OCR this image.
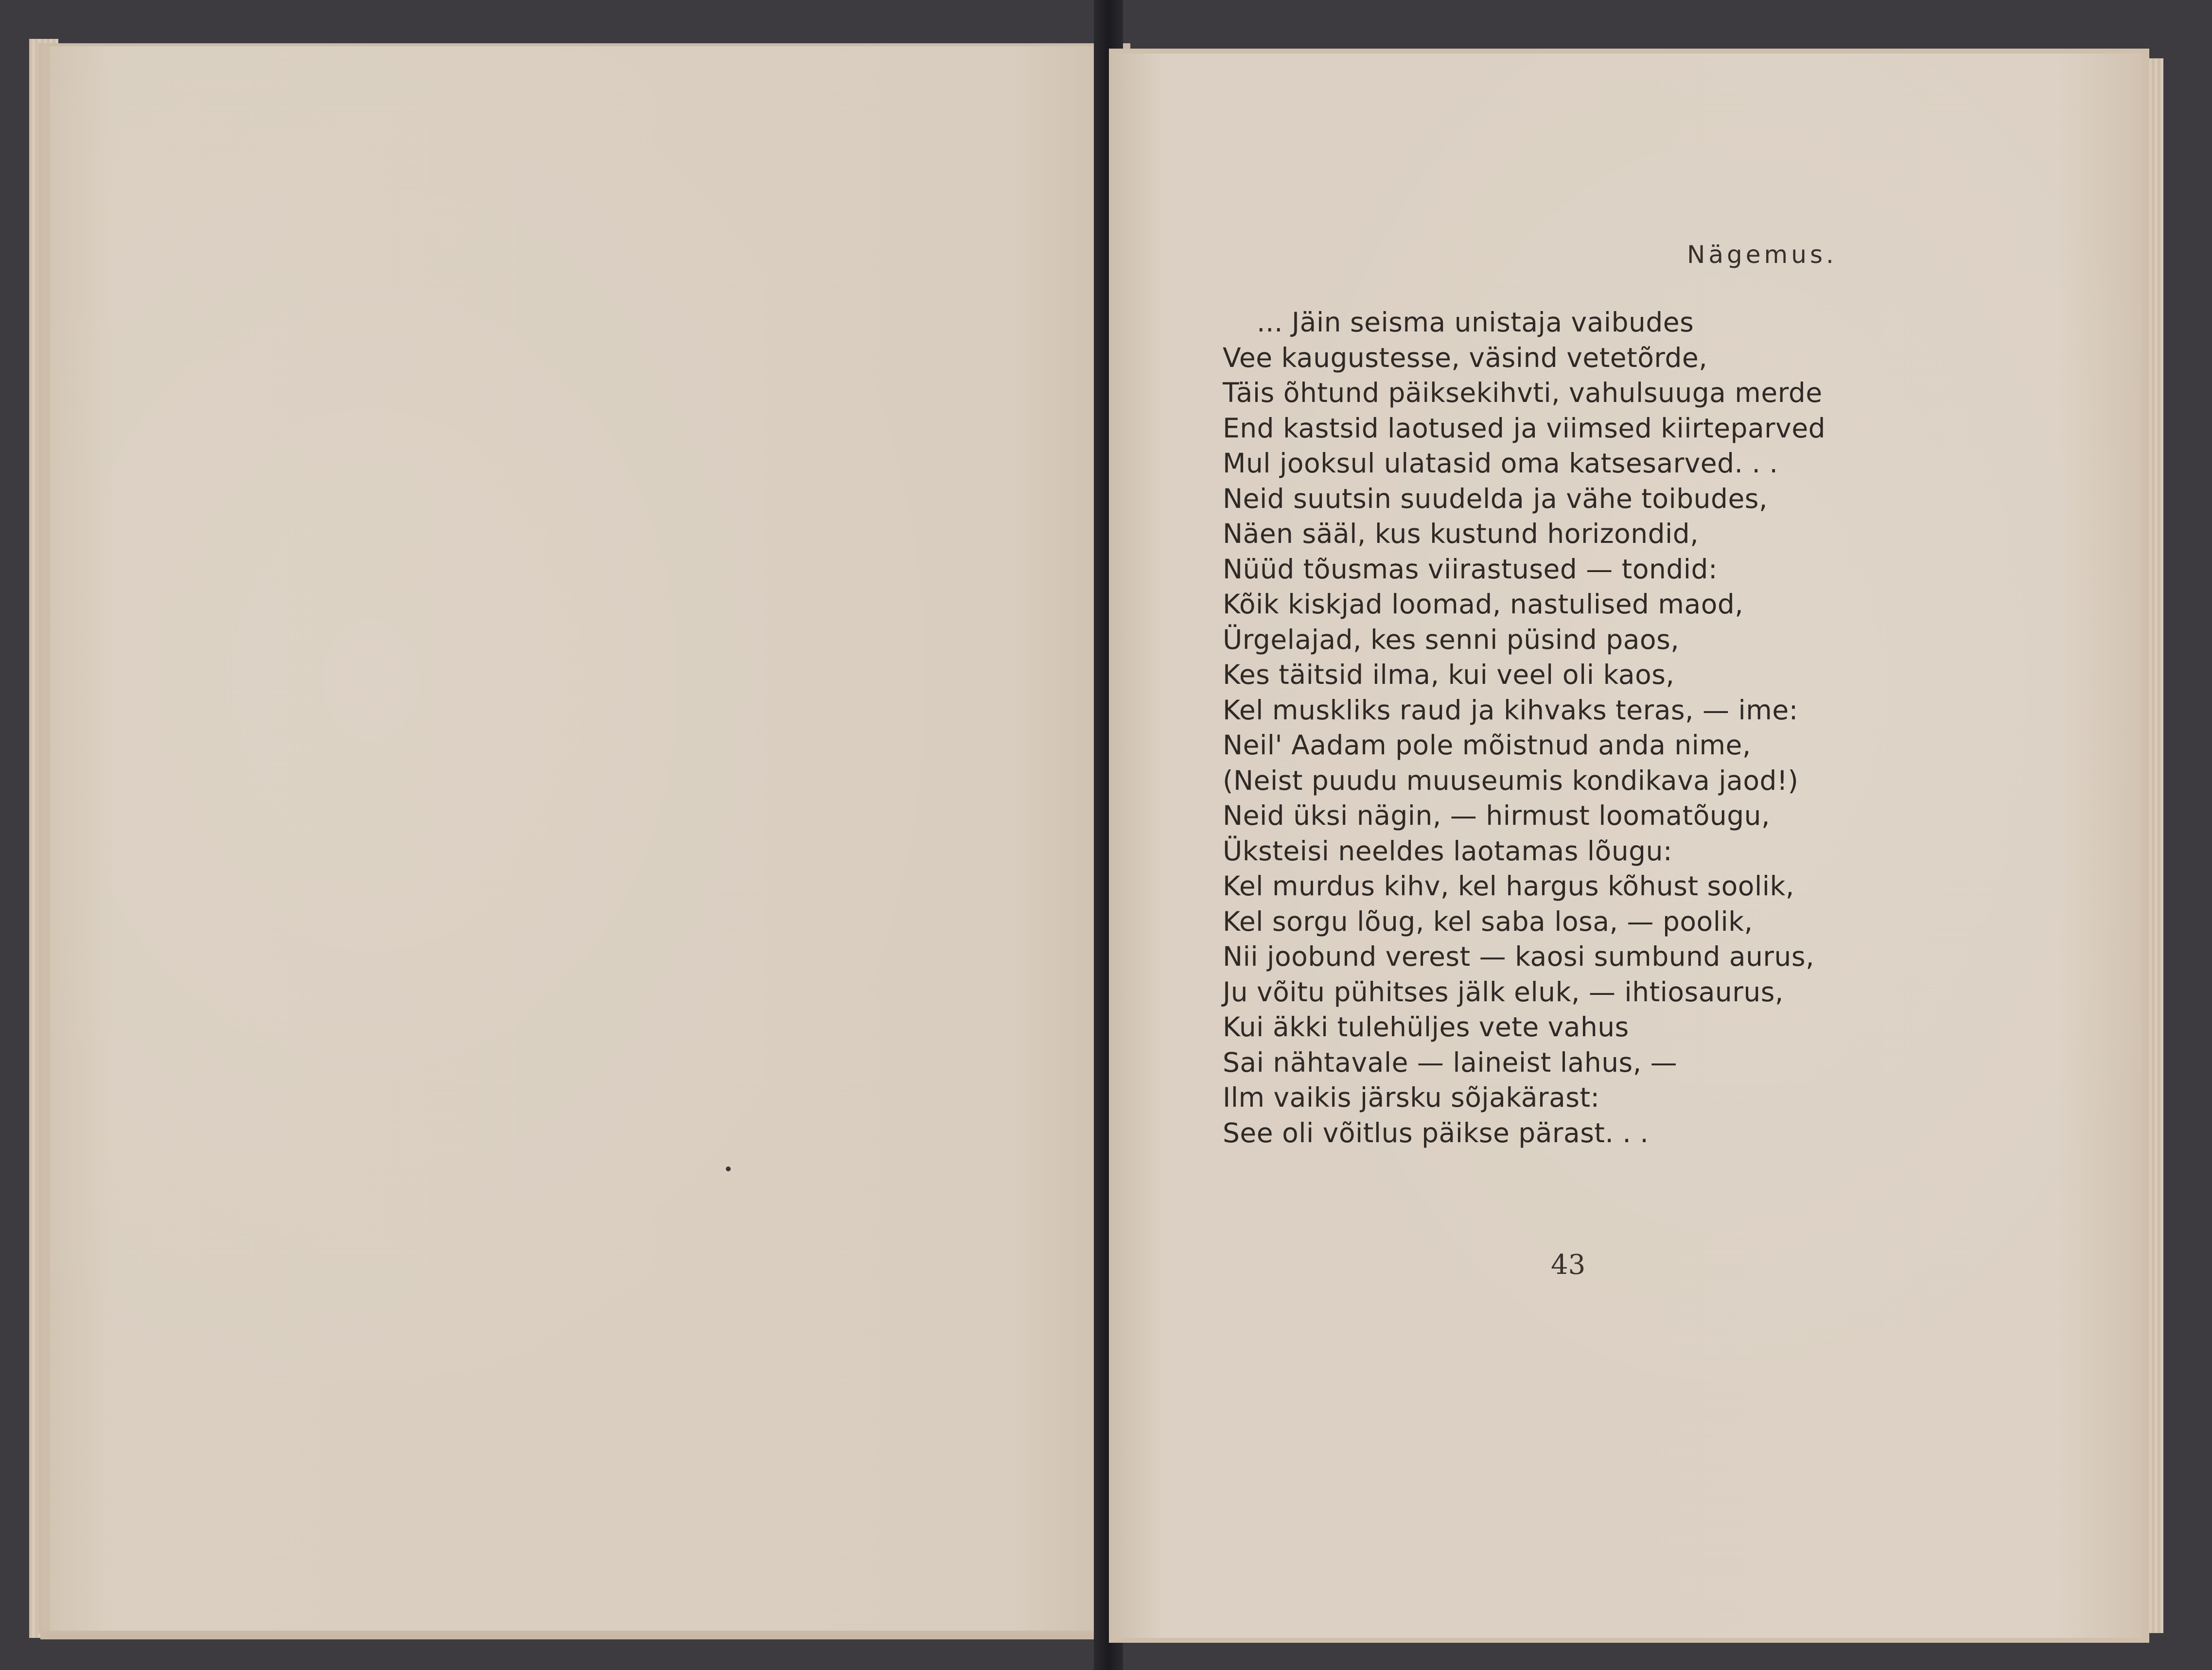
Nägemus.
... Jäin seisma unistaja vaibudes
Vee kaugustesse, väsind vetetõrde,
Täis õhtund päiksekihvti, vahulsuuga merde
End kastsid laotused ja viimsed kiirteparved
Mul jooksul ulatasid oma katsesarved. . .
Neid suutsin suudelda ja vähe toibudes,
Näen sääl, kus kustund horizondid,
Nüüd tõusmas viirastused — tondid:
Kõik kiskjad loomad, nastulised maod,
Ürgelajad, kes senni püsind paos,
Kes täitsid ilma, kui veel oli kaos,
Kel muskliks raud ja kihvaks teras, — ime:
Neil' Aadam pole mõistnud anda nime,
(Neist puudu muuseumis kondikava jaod!)
Neid üksi nägin, — hirmust loomatõugu,
Üksteisi neeldes laotamas lõugu:
Kel murdus kihv, kel hargus kõhust soolik,
Kel sorgu lõug, kel saba losa, — poolik,
Nii joobund verest — kaosi sumbund aurus,
Ju võitu pühitses jälk eluk, — ihtiosaurus,
Kui äkki tulehüljes vete vahus
Sai nähtavale — laineist lahus, —
Ilm vaikis järsku sõjakärast:
See oli võitlus päikse pärast. . .
43
